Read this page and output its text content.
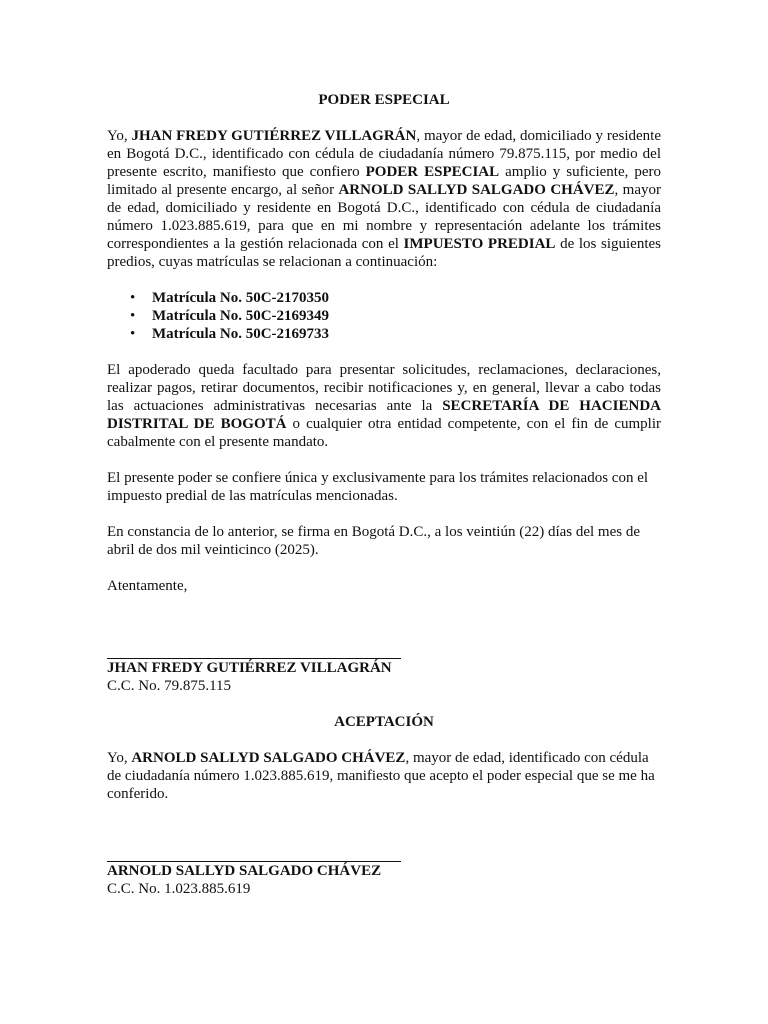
PODER ESPECIAL

Yo, JHAN FREDY GUTIÉRREZ VILLAGRÁN, mayor de edad, domiciliado y residente en Bogotá D.C., identificado con cédula de ciudadanía número 79.875.115, por medio del presente escrito, manifiesto que confiero PODER ESPECIAL amplio y suficiente, pero limitado al presente encargo, al señor ARNOLD SALLYD SALGADO CHÁVEZ, mayor de edad, domiciliado y residente en Bogotá D.C., identificado con cédula de ciudadanía número 1.023.885.619, para que en mi nombre y representación adelante los trámites correspondientes a la gestión relacionada con el IMPUESTO PREDIAL de los siguientes predios, cuyas matrículas se relacionan a continuación:

• Matrícula No. 50C-2170350
• Matrícula No. 50C-2169349
• Matrícula No. 50C-2169733

El apoderado queda facultado para presentar solicitudes, reclamaciones, declaraciones, realizar pagos, retirar documentos, recibir notificaciones y, en general, llevar a cabo todas las actuaciones administrativas necesarias ante la SECRETARÍA DE HACIENDA DISTRITAL DE BOGOTÁ o cualquier otra entidad competente, con el fin de cumplir cabalmente con el presente mandato.

El presente poder se confiere única y exclusivamente para los trámites relacionados con el impuesto predial de las matrículas mencionadas.

En constancia de lo anterior, se firma en Bogotá D.C., a los veintiún (22) días del mes de abril de dos mil veinticinco (2025).

Atentamente,

JHAN FREDY GUTIÉRREZ VILLAGRÁN
C.C. No. 79.875.115
ACEPTACIÓN

Yo, ARNOLD SALLYD SALGADO CHÁVEZ, mayor de edad, identificado con cédula de ciudadanía número 1.023.885.619, manifiesto que acepto el poder especial que se me ha conferido.

ARNOLD SALLYD SALGADO CHÁVEZ
C.C. No. 1.023.885.619
